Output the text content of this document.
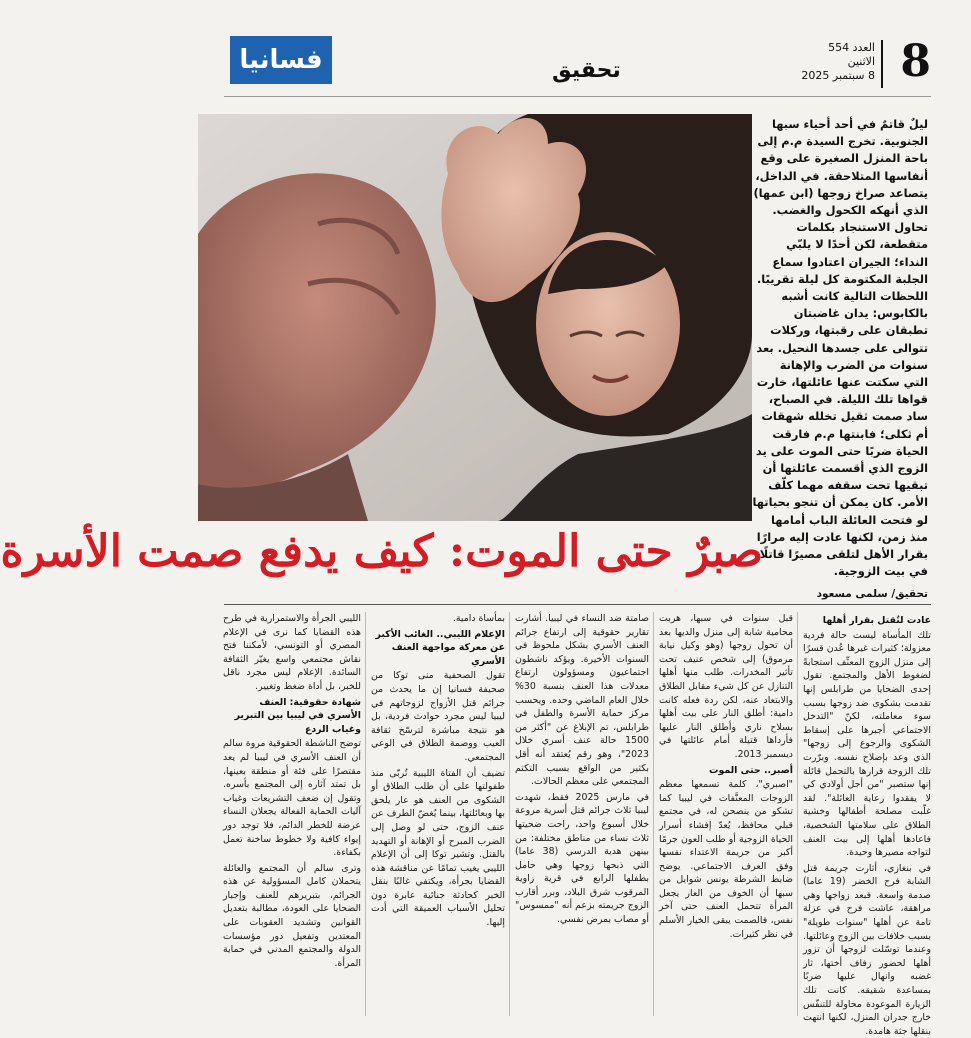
8
العدد 554
الاثنين
8 سبتمبر 2025
تحقيق
فسانيا
ليلٌ قاتمٌ في أحد أحياء سبها الجنوبية. تخرج السيدة م.م إلى باحة المنزل الصغيرة على وقع أنفاسها المتلاحقة. في الداخل، يتصاعد صراخ زوجها (ابن عمها) الذي أنهكه الكحول والغضب. تحاول الاستنجاد بكلمات متقطعة، لكن أحدًا لا يلبّي النداء؛ الجيران اعتادوا سماع الجلبة المكتومة كل ليلة تقريبًا. اللحظات التالية كانت أشبه بالكابوس: يدان غاضبتان تطبقان على رقبتها، وركلات تتوالى على جسدها النحيل. بعد سنوات من الضرب والإهانة التي سكتت عنها عائلتها، خارت قواها تلك الليلة. في الصباح، ساد صمت ثقيل تخلله شهقات أم ثكلى؛ فابنتها م.م فارقت الحياة ضربًا حتى الموت على يد الزوج الذي أقسمت عائلتها أن تبقيها تحت سقفه مهما كلّف الأمر. كان يمكن أن تنجو بحياتها لو فتحت العائلة الباب أمامها منذ زمن، لكنها عادت إليه مرارًا بقرار الأهل لتلقى مصيرًا قاتلًا في بيت الزوجية.
صبرٌ حتى الموت: كيف يدفع صمت الأسرة
تحقيق/ سلمى مسعود
عادت لتُقتل بقرار أهلها

تلك المأساة ليست حالة فردية معزولة؛ كثيرات غيرها عُدن قسرًا إلى منزل الزوج المعنِّف استجابةً لضغوط الأهل والمجتمع. تقول إحدى الضحايا من طرابلس إنها تقدمت بشكوى ضد زوجها بسبب سوء معاملته، لكنّ "التدخل الاجتماعي أجبرها على إسقاط الشكوى والرجوع إلى زوجها" الذي وعد بإصلاح نفسه. وبرّرت تلك الزوجة قرارها بالتحمل قائلة إنها ستصبر "من أجل أولادي كي لا يفقدوا رعاية العائلة". لقد غلّبت مصلحة أطفالها وخشية الطلاق على سلامتها الشخصية، فاعادها أهلها إلى بيت العنف لتواجه مصيرها وحيدة.

في بنغازي، أثارت جريمة قتل الشابة فرح الخضر (19 عاما) صدمة واسعة. فبعد زواجها وهي مراهقة، عاشت فرح في عزلة تامة عن أهلها "سنوات طويلة" بسبب خلافات بين الزوج وعائلتها. وعندما توسّلت لزوجها أن تزور أهلها لحضور زفاف أختها، ثار غضبه وانهال عليها ضربًا بمساعدة شقيقه. كانت تلك الزيارة الموعودة محاولة للتنفّس خارج جدران المنزل، لكنها انتهت بنقلها جثة هامدة.

قبل سنوات في سبها، هربت محامية شابة إلى منزل والديها بعد أن تحول زوجها (وهو وكيل نيابة مرموق) إلى شخص عنيف تحت تأثير المخدرات. طلب منها أهلها التنازل عن كل شيء مقابل الطلاق والابتعاد عنه، لكن ردة فعله كانت دامية: أطلق النار على بيت أهلها بسلاح ناري وأطلق النار عليها فأرداها قتيلة أمام عائلتها في ديسمبر 2013.

أصبر.. حتى الموت

"اصبري"، كلمة تسمعها معظم الزوجات المعنَّفات في ليبيا كما تشكو من ينصحن له، في مجتمع قبلي محافظ، يُعدّ إفشاء أسرار الحياة الزوجية أو طلب العون جرمًا أكبر من جريمة الاعتداء نفسها وفق العرف الاجتماعي. يوضح ضابط الشرطة يونس شوايل من سبها أن الخوف من العار يجعل المرأة تتحمل العنف حتى آخر نفس، فالصمت يبقى الخيار الأسلم في نظر كثيرات.

صامتة ضد النساء في ليبيا. أشارت تقارير حقوقية إلى ارتفاع جرائم العنف الأسري بشكل ملحوظ في السنوات الأخيرة. ويؤكد ناشطون اجتماعيون ومسؤولون ارتفاع معدلات هذا العنف بنسبة 30% خلال العام الماضي وحده. ويحسب مركز حماية الأسرة والطفل في طرابلس، تم الإبلاغ عن "أكثر من 1500 حالة عنف أسري خلال 2023"، وهو رقم يُعتقد أنه أقل بكثير من الواقع بسبب التكتم المجتمعي على معظم الحالات.

في مارس 2025 فقط، شهدت ليبيا ثلاث جرائم قتل أسرية مروعة خلال أسبوع واحد، راحت ضحيتها ثلاث نساء من مناطق مختلفة: من بينهن هدية الدرسي (38 عاما) التي ذبحها زوجها وهي حامل بطفلها الرابع في قرية زاوية المرقوب شرق البلاد، وبرر أقارب الزوج جريمته بزعم أنه "ممسوس" أو مصاب بمرض نفسي.

بمأساة دامية.

الإعلام الليبي.. الغائب الأكبر عن معركة مواجهة العنف الأسري

تقول الصحفية منى توكا من صحيفة فسانيا إن ما يحدث من جرائم قتل الأزواج لزوجاتهم في ليبيا ليس مجرد حوادث فردية، بل هو نتيجة مباشرة لترسّخ ثقافة العيب ووصمة الطلاق في الوعي المجتمعي.

تضيف أن الفتاة الليبية تُربّى منذ طفولتها على أن طلب الطلاق أو الشكوى من العنف هو عار يلحق بها وبعائلتها، بينما يُغضّ الطرف عن عنف الزوج، حتى لو وصل إلى الضرب المبرح أو الإهانة أو التهديد بالقتل. وتشير توكا إلى أن الإعلام الليبي يغيب تمامًا عن مناقشة هذه القضايا بجرأة، ويكتفي غالبًا بنقل الخبر كحادثة جنائية عابرة دون تحليل الأسباب العميقة التي أدت إليها.

الليبي الجرأة والاستمرارية في طرح هذه القضايا كما نرى في الإعلام المصري أو التونسي، لأمكننا فتح نقاش مجتمعي واسع يغيّر الثقافة السائدة. الإعلام ليس مجرد ناقل للخبر، بل أداة ضغط وتغيير.

شهادة حقوقية: العنف الأسري في ليبيا بين التبرير وغياب الردع

توضح الناشطة الحقوقية مروة سالم أن العنف الأسري في ليبيا لم يعد مقتصرًا على فئة أو منطقة بعينها، بل تمتد آثاره إلى المجتمع بأسره. وتقول إن ضعف التشريعات وغياب آليات الحماية الفعالة يجعلان النساء عرضة للخطر الدائم، فلا توجد دور إيواء كافية ولا خطوط ساخنة تعمل بكفاءة.

وترى سالم أن المجتمع والعائلة يتحملان كامل المسؤولية عن هذه الجرائم، بتبريرهم للعنف وإجبار الضحايا على العودة، مطالبة بتعديل القوانين وتشديد العقوبات على المعتدين وتفعيل دور مؤسسات الدولة والمجتمع المدني في حماية المرأة.
